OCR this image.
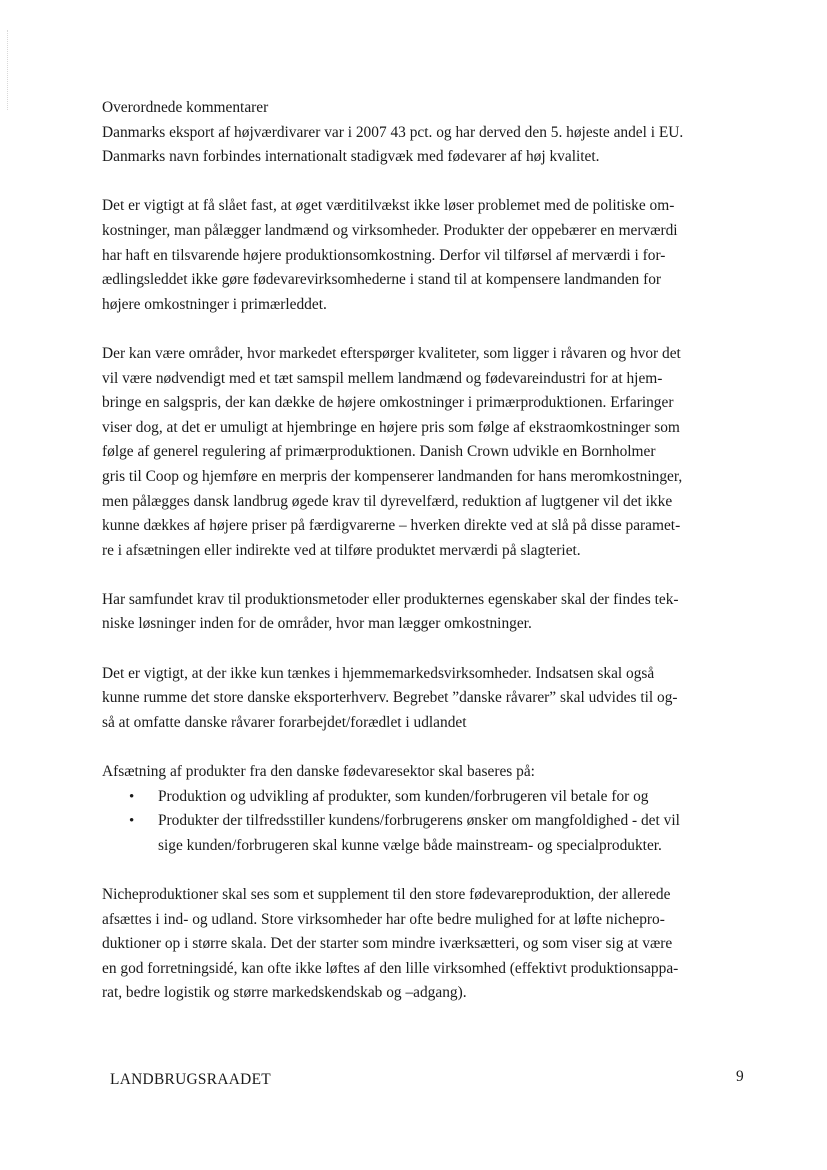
Overordnede kommentarer

Danmarks eksport af højværdivarer var i 2007 43 pct. og har derved den 5. højeste andel i EU.
Danmarks navn forbindes internationalt stadigvæk med fødevarer af høj kvalitet.

Det er vigtigt at få slået fast, at øget værditilvækst ikke løser problemet med de politiske om-
kostninger, man pålægger landmænd og virksomheder. Produkter der oppebærer en merværdi
har haft en tilsvarende højere produktionsomkostning. Derfor vil tilførsel af merværdi i for-
ædlingsleddet ikke gøre fødevarevirksomhederne i stand til at kompensere landmanden for
højere omkostninger i primærleddet.

Der kan være områder, hvor markedet efterspørger kvaliteter, som ligger i råvaren og hvor det
vil være nødvendigt med et tæt samspil mellem landmænd og fødevareindustri for at hjem-
bringe en salgspris, der kan dække de højere omkostninger i primærproduktionen. Erfaringer
viser dog, at det er umuligt at hjembringe en højere pris som følge af ekstraomkostninger som
følge af generel regulering af primærproduktionen. Danish Crown udvikle en Bornholmer
gris til Coop og hjemføre en merpris der kompenserer landmanden for hans meromkostninger,
men pålægges dansk landbrug øgede krav til dyrevelfærd, reduktion af lugtgener vil det ikke
kunne dækkes af højere priser på færdigvarerne – hverken direkte ved at slå på disse paramet-
re i afsætningen eller indirekte ved at tilføre produktet merværdi på slagteriet.

Har samfundet krav til produktionsmetoder eller produkternes egenskaber skal der findes tek-
niske løsninger inden for de områder, hvor man lægger omkostninger.

Det er vigtigt, at der ikke kun tænkes i hjemmemarkedsvirksomheder. Indsatsen skal også
kunne rumme det store danske eksporterhverv. Begrebet ”danske råvarer” skal udvides til og-
så at omfatte danske råvarer forarbejdet/forædlet i udlandet

Afsætning af produkter fra den danske fødevaresektor skal baseres på:

• Produktion og udvikling af produkter, som kunden/forbrugeren vil betale for og
• Produkter der tilfredsstiller kundens/forbrugerens ønsker om mangfoldighed - det vil
sige kunden/forbrugeren skal kunne vælge både mainstream- og specialprodukter.

Nicheproduktioner skal ses som et supplement til den store fødevareproduktion, der allerede
afsættes i ind- og udland. Store virksomheder har ofte bedre mulighed for at løfte nichepro-
duktioner op i større skala. Det der starter som mindre iværksætteri, og som viser sig at være
en god forretningsidé, kan ofte ikke løftes af den lille virksomhed (effektivt produktionsappa-
rat, bedre logistik og større markedskendskab og –adgang).

LANDBRUGSRAADET	9
